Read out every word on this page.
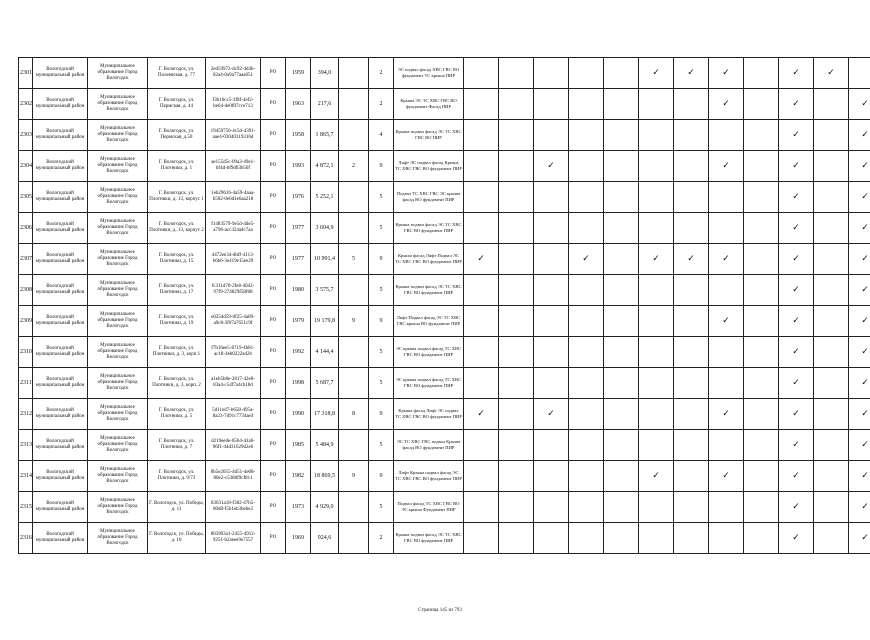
2301	Вологодский муниципальный район	Муниципальное образование Город Вологодск	Г. Вологодск, ул. Полеевская, д. 77	2ed59972-dc92-4d4b-82a4-0a9a77aaa051	РО	1959	394,0		2	ЭС подвал фасад ХВС ГВС ВО фундамент ТС крыша ПИР						✓	✓	✓		✓	✓	
2302	Вологодский муниципальный район	Муниципальное образование Город Вологодск	Г. Вологодск, ул. Пермская, д. 44	f3b16cc5-3f8f-4ef2-be64-de0f07cce713	РО	1963	217,6		2	Крыша ЭС ТС ХВС ГВС ВО фундамент Фасад ПИР								✓		✓		✓
2303	Вологодский муниципальный район	Муниципальное образование Город Вологодск	Г. Вологодск, ул. Пермская, д.50	19459756-4c5d-4391-aae4-03040319316d	РО	1958	1 865,7		4	Крыша подвал фасад ЭС ТС ХВС ГВС ВО ПИР										✓		✓
2304	Вологодский муниципальный район	Муниципальное образование Город Вологодск	Г. Вологодск, ул. Плотники, д. 1	ae155d5c-09a3-49e1-bf4d-bf9d03b50f	РО	1993	4 872,1	2	9	Лифт ЭС подвал фасад Крыша ТС ХВС ГВС ВО фундамент ПИР			✓					✓		✓		✓
2305	Вологодский муниципальный район	Муниципальное образование Город Вологодск	Г. Вологодск, ул. Плотники, д. 13, корпус 1	1eb29616-4a59-4aaa-b502-0e6d1e6aa218	РО	1976	5 252,1		5	Подвал ТС ХВС ГВС ЭС крыша фасад ВО фундамент ПИР										✓		✓
2306	Вологодский муниципальный район	Муниципальное образование Город Вологодск	Г. Вологодск, ул. Плотники, д. 13, корпус 2	f1483579-9e5d-4de5-a796-acc324a4c7aa	РО	1977	3 604,9		5	Крыша подвал фасад ЭС ТС ХВС ГВС ВО фундамент ПИР										✓		✓
2307	Вологодский муниципальный район	Муниципальное образование Город Вологодск	Г. Вологодск, ул. Плотники, д. 15	4472ee34-dbff-4113-b6b6-3e419e15ee29	РО	1977	10 991,4	5	9	Крыша фасад Лифт Подвал ЭС ТС ХВС ГВС ВО фундамент ПИР	✓			✓		✓	✓	✓		✓		✓
2308	Вологодский муниципальный район	Муниципальное образование Город Вологодск	Г. Вологодск, ул. Плотники, д. 17	fc311d70-2fe8-4042-97f9-274829f58f08	РО	1980	3 575,7		5	Крыша подвал фасад ЭС ТС ХВС ГВС ВО фундамент ПИР										✓		✓
2309	Вологодский муниципальный район	Муниципальное образование Город Вологодск	Г. Вологодск, ул. Плотники, д. 19	e0254d59-0f25-4a89-a9c8-3f07a7651c9f	РО	1979	19 179,8	9	9	Лифт Подвал фасад ЭС ТС ХВС ГВС крыша ВО фундамент ПИР								✓		✓		✓
2310	Вологодский муниципальный район	Муниципальное образование Город Вологодск	Г. Вологодск, ул. Плотники, д. 3, корп.1	f7b16ee5-8719-4b81-ac18-4eb0222ad2b	РО	1992	4 144,4		5	ЭС крыша подвал фасад ТС ХВС ГВС ВО фундамент ПИР										✓		✓
2311	Вологодский муниципальный район	Муниципальное образование Город Вологодск	Г. Вологодск, ул. Плотники, д. 3, корп. 2	a1eb5b8e-2817-42e8-83a4-c54f7a4cb18d	РО	1998	5 687,7		5	ЭС крыша подвал фасад ТС ХВС ГВС ВО фундамент ПИР										✓		✓
2312	Вологодский муниципальный район	Муниципальное образование Город Вологодск	Г. Вологодск, ул. Плотники, д. 5	5d11ed7-b658-495a-8a23-7d91c7734ae4	РО	1990	17 318,8	8	9	Крыша фасад Лифт ЭС подвал ТС ХВС ГВС ВО фундамент ПИР	✓		✓					✓		✓		✓
2313	Вологодский муниципальный район	Муниципальное образование Город Вологодск	Г. Вологодск, ул. Плотники, д. 7	d219eede-6564-41a6-96f1-44d31629d2e6	РО	1985	5 484,9		5	ЭС ТС ХВС ГВС подвал Крыша фасад ВО фундамент ПИР										✓		✓
2314	Вологодский муниципальный район	Муниципальное образование Город Вологодск	Г. Вологодск, ул. Плотники, д. 9/73	0b5e2055-4d51-4e08-80e2-c5386f9cf811	РО	1982	18 869,5	9	9	Лифт Крыша подвал фасад ЭС ТС ХВС ГВС ВО фундамент ПИР						✓		✓		✓		✓
2315	Вологодский муниципальный район	Муниципальное образование Город Вологодск	Г. Вологодск, ул. Победы, д. 11	83631a18-f382-47b5-80d8-f5b1eb3bebe2	РО	1973	4 929,0		5	Подвал фасад ТС ХВС ГВС ВО ЭС крыша Фундамент ПИР										✓		✓
2316	Вологодский муниципальный район	Муниципальное образование Город Вологодск	Г. Вологодск, ул. Победы, д. 10	803903a1-2455-4912-9251-b2aeee9e7557	РО	1969	924,6		2	Крыша подвал фасад ЭС ТС ХВС ГВС ВО фундамент ПИР										✓		✓
Страница 145 из 793
